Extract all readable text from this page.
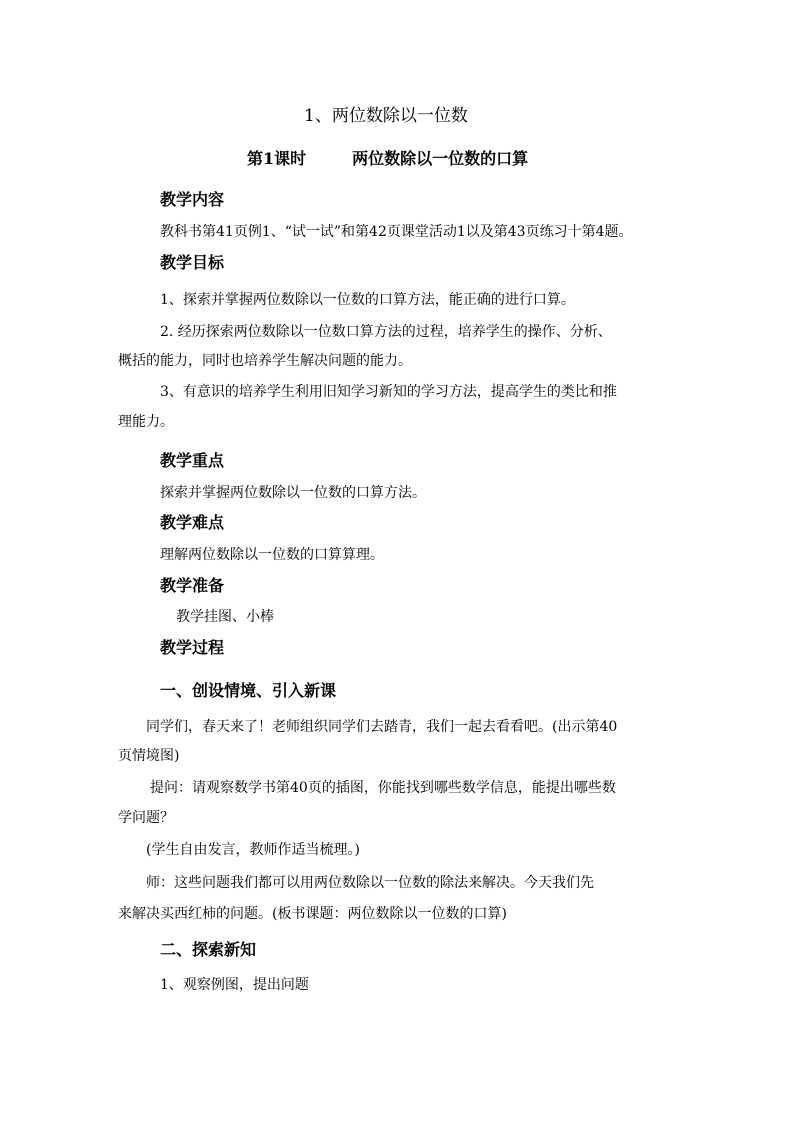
1、两位数除以一位数
第1课时	两位数除以一位数的口算
教学内容
教科书第41页例1、“试一试”和第42页课堂活动1以及第43页练习十第4题。
教学目标
1、探索并掌握两位数除以一位数的口算方法，能正确的进行口算。
2. 经历探索两位数除以一位数口算方法的过程，培养学生的操作、分析、
概括的能力，同时也培养学生解决问题的能力。
3、有意识的培养学生利用旧知学习新知的学习方法，提高学生的类比和推
理能力。
教学重点
探索并掌握两位数除以一位数的口算方法。
教学难点
理解两位数除以一位数的口算算理。
教学准备
教学挂图、小棒
教学过程
一、创设情境、引入新课
同学们，春天来了！老师组织同学们去踏青，我们一起去看看吧。(出示第40
页情境图)
提问：请观察数学书第40页的插图，你能找到哪些数学信息，能提出哪些数
学问题？
(学生自由发言，教师作适当梳理。)
师：这些问题我们都可以用两位数除以一位数的除法来解决。今天我们先
来解决买西红柿的问题。(板书课题：两位数除以一位数的口算)
二、探索新知
1、观察例图，提出问题
